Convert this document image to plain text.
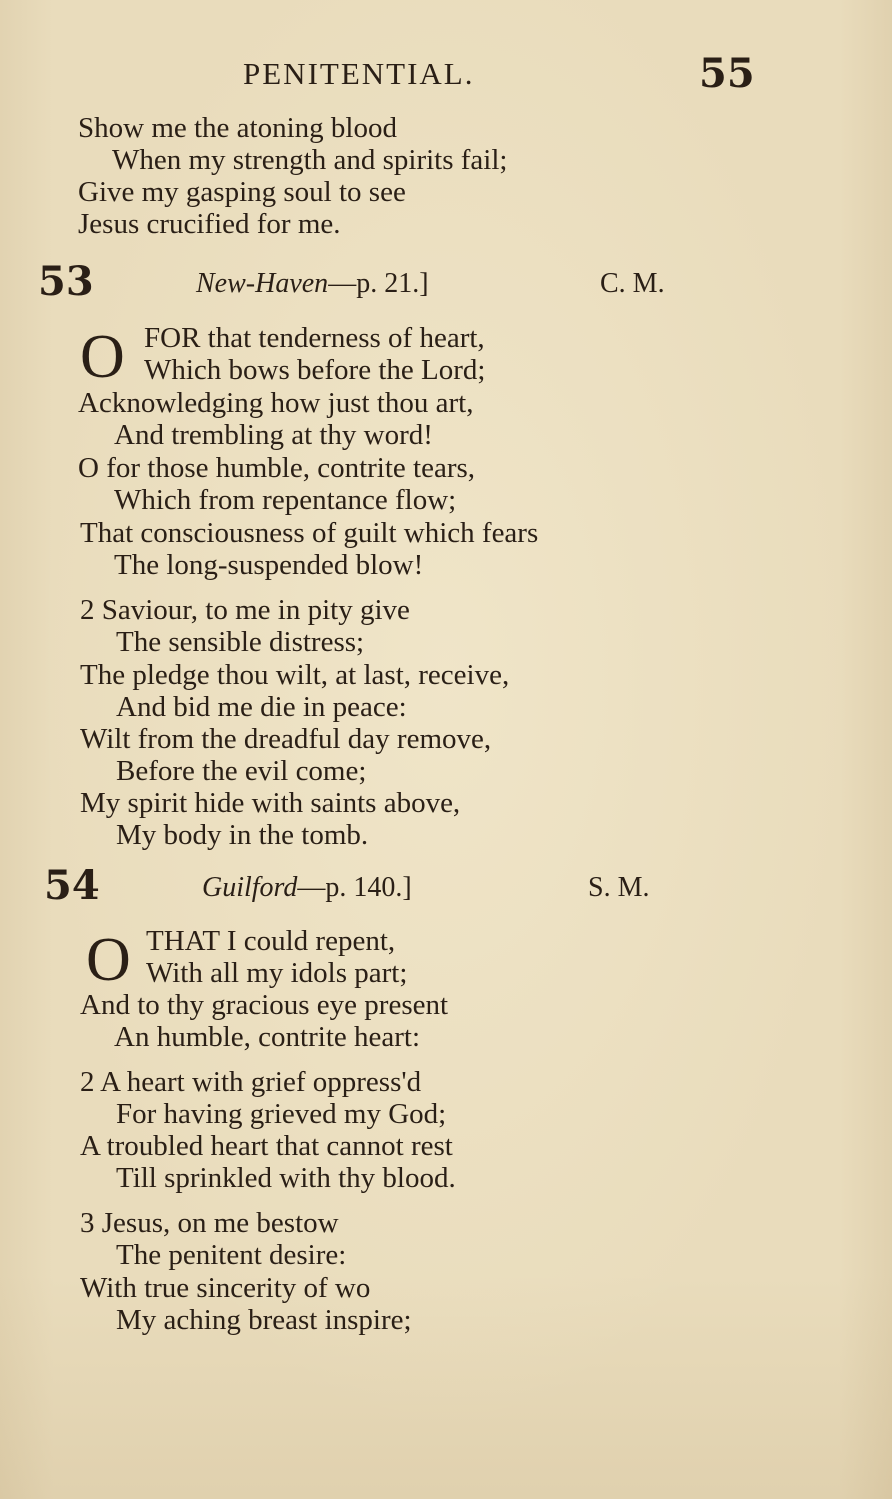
PENITENTIAL.	55
Show me the atoning blood
When my strength and spirits fail;
Give my gasping soul to see
Jesus crucified for me.
53	New-Haven—p. 21.]	C. M.
O FOR that tenderness of heart,
Which bows before the Lord;
Acknowledging how just thou art,
And trembling at thy word!
O for those humble, contrite tears,
Which from repentance flow;
That consciousness of guilt which fears
The long-suspended blow!
2 Saviour, to me in pity give
The sensible distress;
The pledge thou wilt, at last, receive,
And bid me die in peace:
Wilt from the dreadful day remove,
Before the evil come;
My spirit hide with saints above,
My body in the tomb.
54	Guilford—p. 140.]	S. M.
O THAT I could repent,
With all my idols part;
And to thy gracious eye present
An humble, contrite heart:
2 A heart with grief oppress'd
For having grieved my God;
A troubled heart that cannot rest
Till sprinkled with thy blood.
3 Jesus, on me bestow
The penitent desire:
With true sincerity of wo
My aching breast inspire;
